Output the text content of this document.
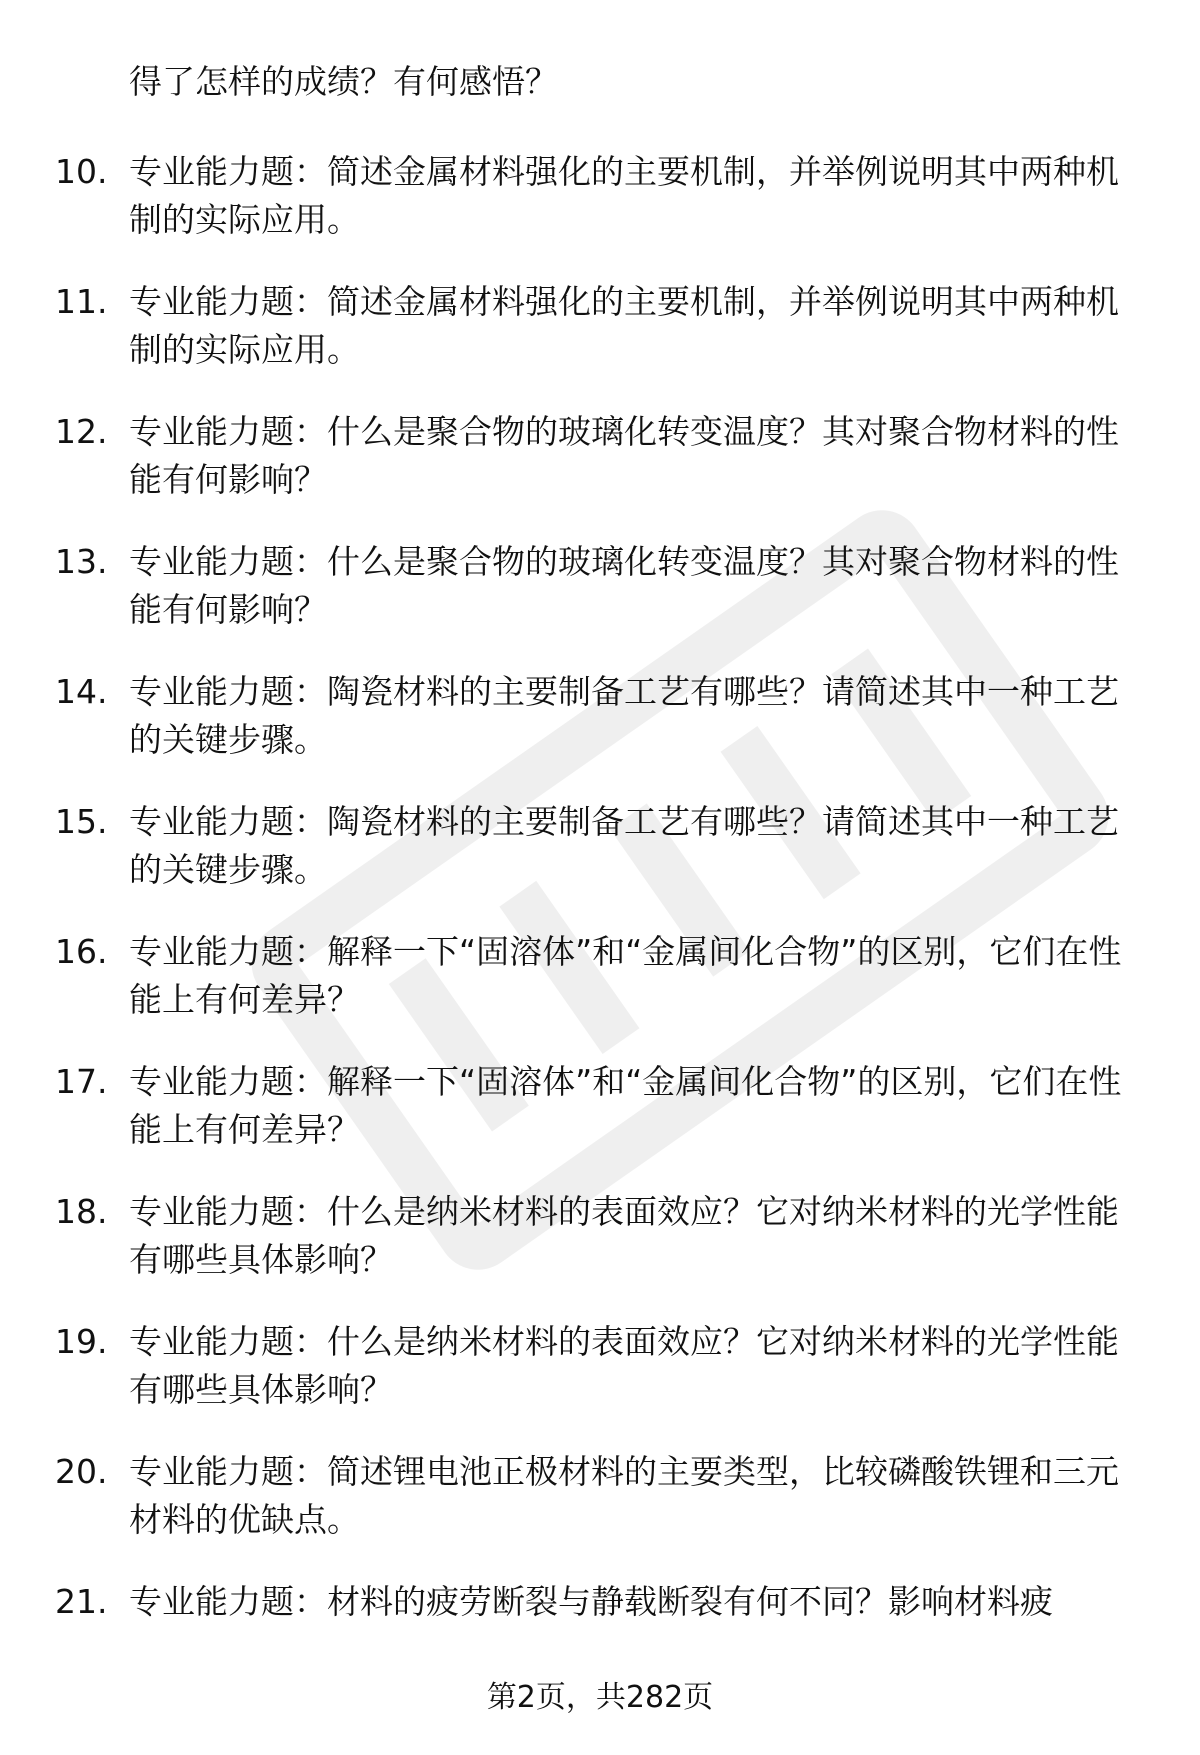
得了怎样的成绩？有何感悟？
10. 专业能力题：简述金属材料强化的主要机制，并举例说明其中两种机制的实际应用。
11. 专业能力题：简述金属材料强化的主要机制，并举例说明其中两种机制的实际应用。
12. 专业能力题：什么是聚合物的玻璃化转变温度？其对聚合物材料的性能有何影响？
13. 专业能力题：什么是聚合物的玻璃化转变温度？其对聚合物材料的性能有何影响？
14. 专业能力题：陶瓷材料的主要制备工艺有哪些？请简述其中一种工艺的关键步骤。
15. 专业能力题：陶瓷材料的主要制备工艺有哪些？请简述其中一种工艺的关键步骤。
16. 专业能力题：解释一下“固溶体”和“金属间化合物”的区别，它们在性能上有何差异？
17. 专业能力题：解释一下“固溶体”和“金属间化合物”的区别，它们在性能上有何差异？
18. 专业能力题：什么是纳米材料的表面效应？它对纳米材料的光学性能有哪些具体影响？
19. 专业能力题：什么是纳米材料的表面效应？它对纳米材料的光学性能有哪些具体影响？
20. 专业能力题：简述锂电池正极材料的主要类型，比较磷酸铁锂和三元材料的优缺点。
21. 专业能力题：材料的疲劳断裂与静载断裂有何不同？影响材料疲
第2页，共282页
